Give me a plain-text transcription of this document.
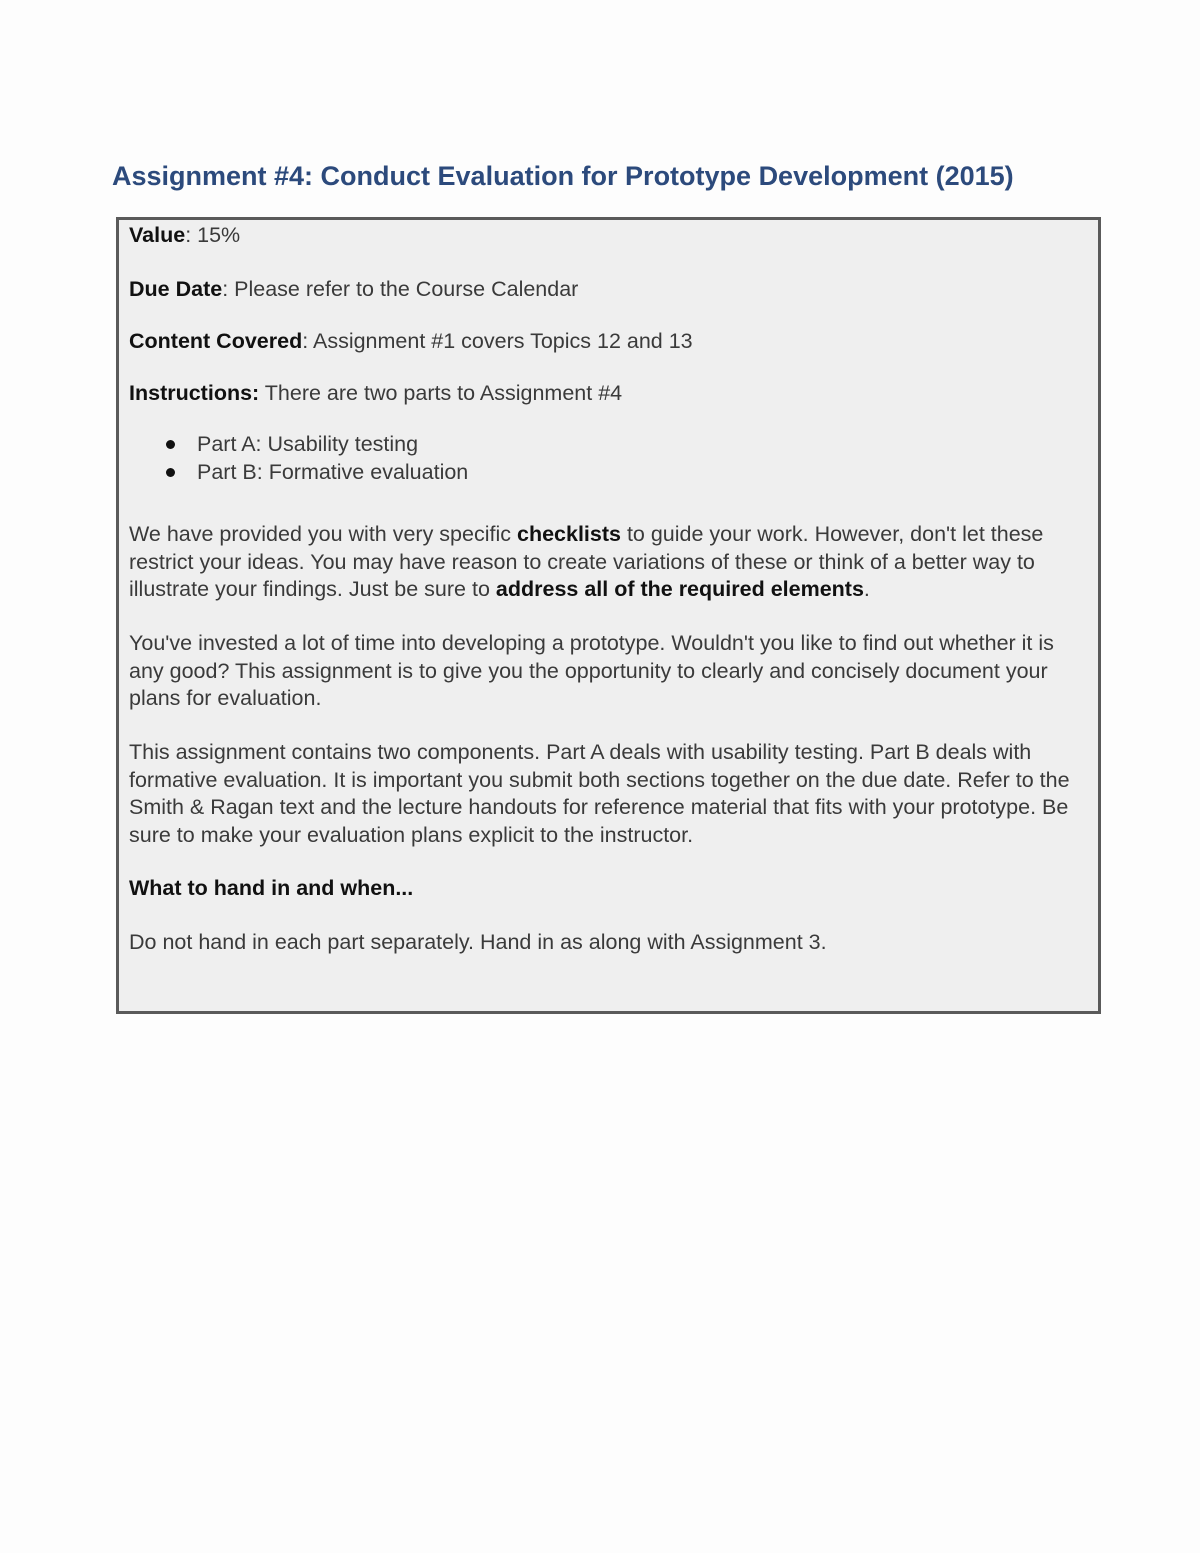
Assignment #4: Conduct Evaluation for Prototype Development (2015)
Value: 15%
Due Date: Please refer to the Course Calendar
Content Covered: Assignment #1 covers Topics 12 and 13
Instructions: There are two parts to Assignment #4
Part A: Usability testing
Part B: Formative evaluation

We have provided you with very specific checklists to guide your work. However, don't let these restrict your ideas. You may have reason to create variations of these or think of a better way to illustrate your findings. Just be sure to address all of the required elements.

You've invested a lot of time into developing a prototype. Wouldn't you like to find out whether it is any good? This assignment is to give you the opportunity to clearly and concisely document your plans for evaluation.

This assignment contains two components. Part A deals with usability testing. Part B deals with formative evaluation. It is important you submit both sections together on the due date. Refer to the Smith & Ragan text and the lecture handouts for reference material that fits with your prototype. Be sure to make your evaluation plans explicit to the instructor.

What to hand in and when...
Do not hand in each part separately. Hand in as along with Assignment 3.
